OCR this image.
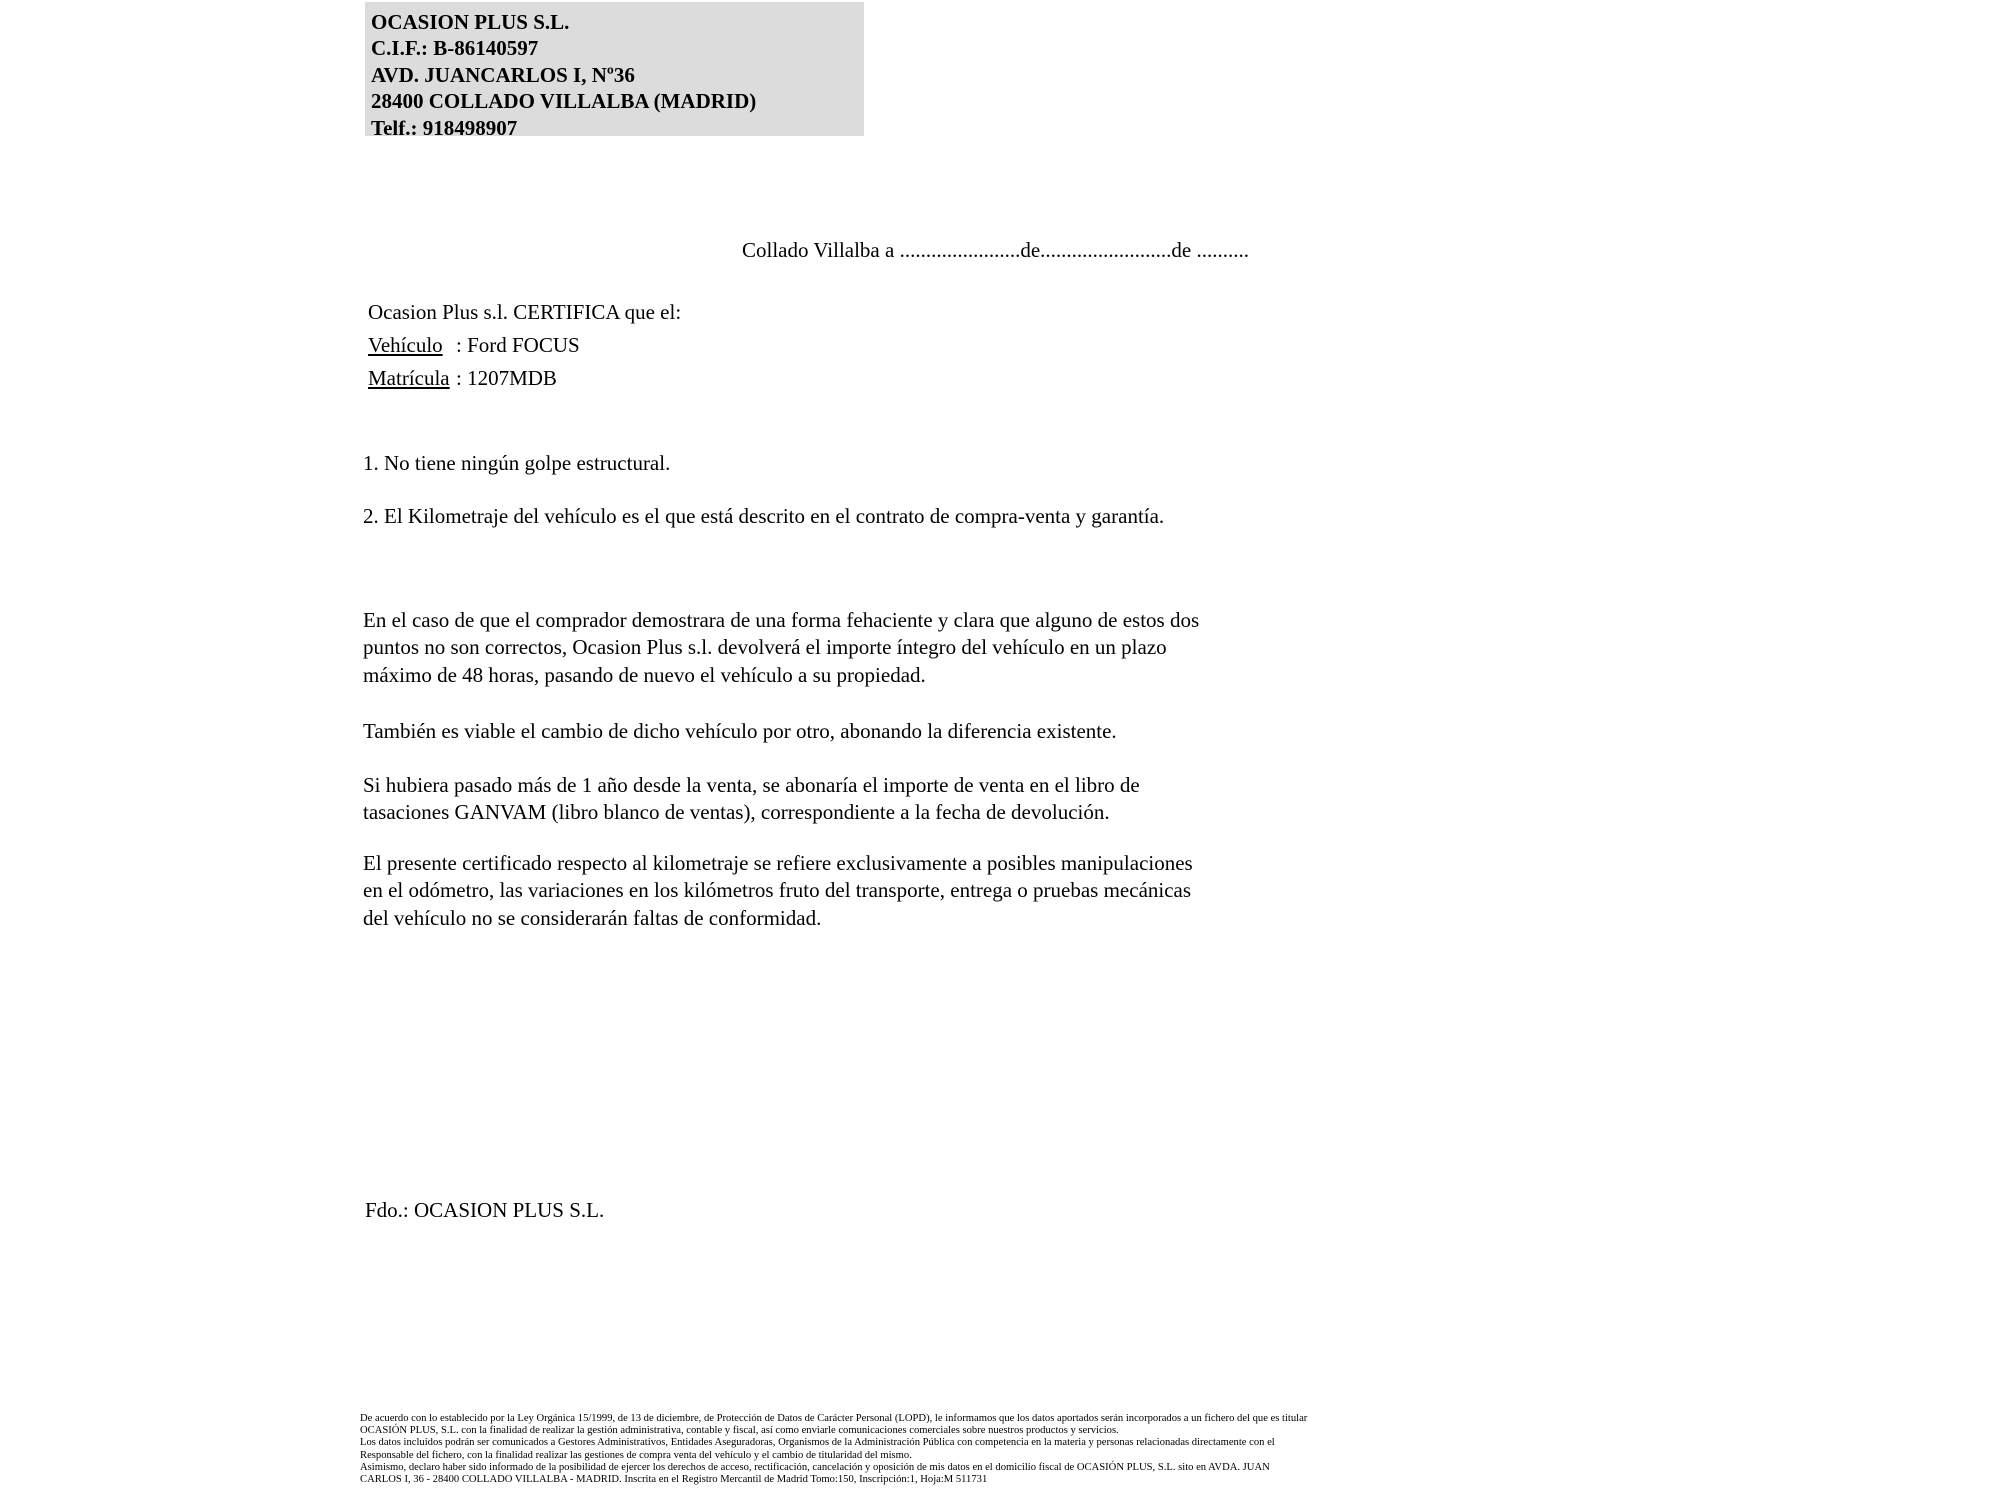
OCASION PLUS S.L.
C.I.F.: B-86140597
AVD. JUANCARLOS I, Nº36
28400 COLLADO VILLALBA (MADRID)
Telf.: 918498907
Collado Villalba a .......................de.........................de ..........
Ocasion Plus s.l. CERTIFICA que el:
Vehículo : Ford FOCUS
Matrícula : 1207MDB
1. No tiene ningún golpe estructural.
2. El Kilometraje del vehículo es el que está descrito en el contrato de compra-venta y garantía.
En el caso de que el comprador demostrara de una forma fehaciente y clara que alguno de estos dos puntos no son correctos, Ocasion Plus s.l. devolverá el importe íntegro del vehículo en un plazo máximo de 48 horas, pasando de nuevo el vehículo a su propiedad.
También es viable el cambio de dicho vehículo por otro, abonando la diferencia existente.
Si hubiera pasado más de 1 año desde la venta, se abonaría el importe de venta en el libro de tasaciones GANVAM (libro blanco de ventas), correspondiente a la fecha de devolución.
El presente certificado respecto al kilometraje se refiere exclusivamente a posibles manipulaciones en el odómetro, las variaciones en los kilómetros fruto del transporte, entrega o pruebas mecánicas del vehículo no se considerarán faltas de conformidad.
Fdo.: OCASION PLUS S.L.
De acuerdo con lo establecido por la Ley Orgánica 15/1999, de 13 de diciembre, de Protección de Datos de Carácter Personal (LOPD), le informamos que los datos aportados serán incorporados a un fichero del que es titular
OCASIÓN PLUS, S.L. con la finalidad de realizar la gestión administrativa, contable y fiscal, así como enviarle comunicaciones comerciales sobre nuestros productos y servicios.
Los datos incluidos podrán ser comunicados a Gestores Administrativos, Entidades Aseguradoras, Organismos de la Administración Pública con competencia en la materia y personas relacionadas directamente con el
Responsable del fichero, con la finalidad realizar las gestiones de compra venta del vehículo y el cambio de titularidad del mismo.
Asimismo, declaro haber sido informado de la posibilidad de ejercer los derechos de acceso, rectificación, cancelación y oposición de mis datos en el domicilio fiscal de OCASIÓN PLUS, S.L. sito en AVDA. JUAN
CARLOS I, 36 - 28400 COLLADO VILLALBA - MADRID. Inscrita en el Registro Mercantil de Madrid Tomo:150, Inscripción:1, Hoja:M 511731
